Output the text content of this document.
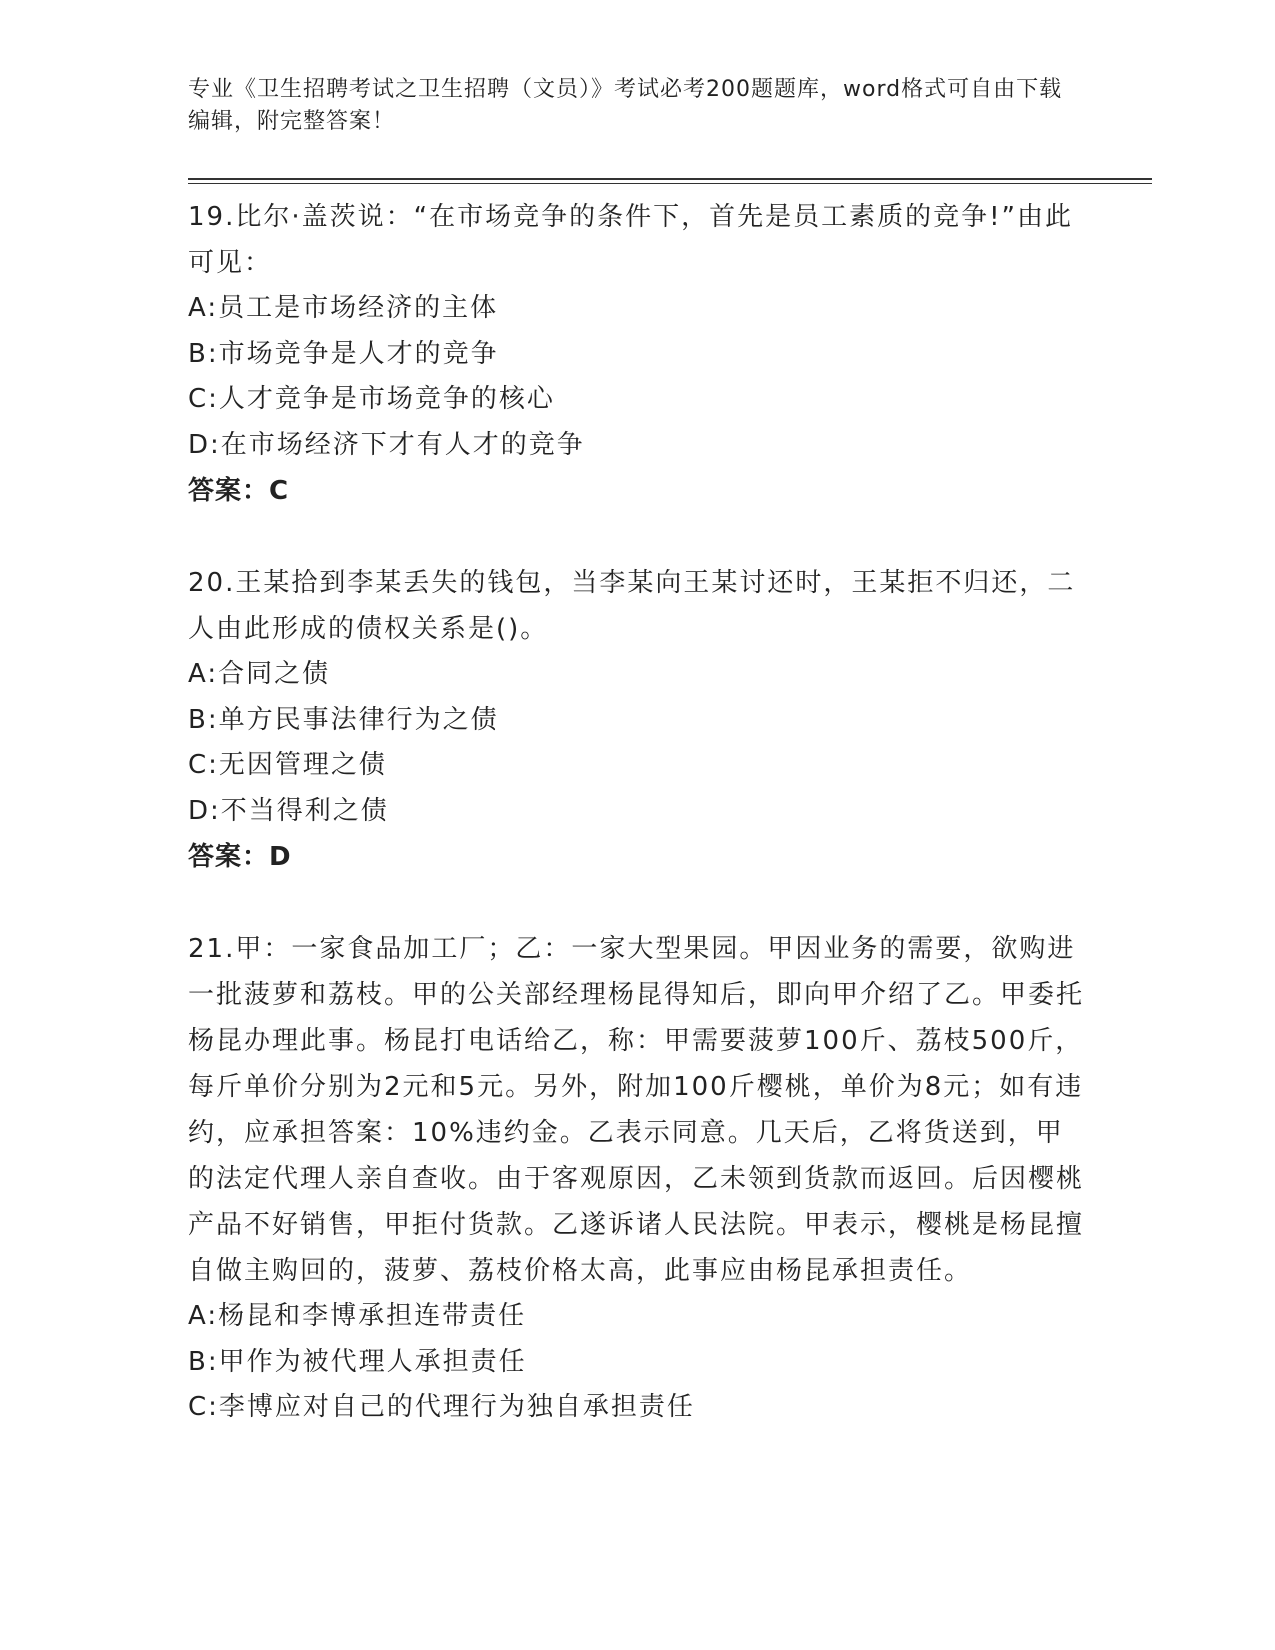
专业《卫生招聘考试之卫生招聘（文员）》考试必考200题题库，word格式可自由下载编辑，附完整答案！

19.比尔·盖茨说：“在市场竞争的条件下，首先是员工素质的竞争!”由此可见：

A:员工是市场经济的主体

B:市场竞争是人才的竞争

C:人才竞争是市场竞争的核心

D:在市场经济下才有人才的竞争

答案：C

20.王某拾到李某丢失的钱包，当李某向王某讨还时，王某拒不归还，二人由此形成的债权关系是()。

A:合同之债

B:单方民事法律行为之债

C:无因管理之债

D:不当得利之债

答案：D

21.甲：一家食品加工厂；乙：一家大型果园。甲因业务的需要，欲购进一批菠萝和荔枝。甲的公关部经理杨昆得知后，即向甲介绍了乙。甲委托杨昆办理此事。杨昆打电话给乙，称：甲需要菠萝100斤、荔枝500斤，每斤单价分别为2元和5元。另外，附加100斤樱桃，单价为8元；如有违约，应承担答案：10%违约金。乙表示同意。几天后，乙将货送到，甲的法定代理人亲自查收。由于客观原因，乙未领到货款而返回。后因樱桃产品不好销售，甲拒付货款。乙遂诉诸人民法院。甲表示，樱桃是杨昆擅自做主购回的，菠萝、荔枝价格太高，此事应由杨昆承担责任。

A:杨昆和李博承担连带责任

B:甲作为被代理人承担责任

C:李博应对自己的代理行为独自承担责任
